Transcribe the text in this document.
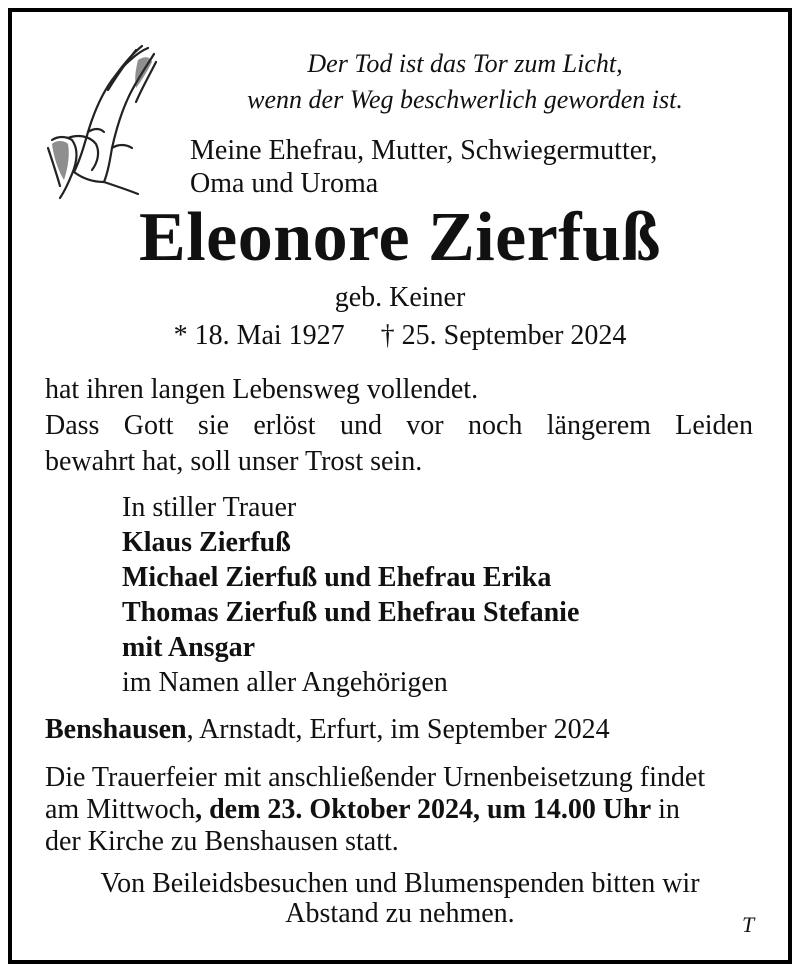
Der Tod ist das Tor zum Licht,
wenn der Weg beschwerlich geworden ist.
Meine Ehefrau, Mutter, Schwiegermutter,
Oma und Uroma
Eleonore Zierfuß
geb. Keiner
* 18. Mai 1927 † 25. September 2024
hat ihren langen Lebensweg vollendet.
Dass Gott sie erlöst und vor noch längerem Leiden
bewahrt hat, soll unser Trost sein.
In stiller Trauer
Klaus Zierfuß
Michael Zierfuß und Ehefrau Erika
Thomas Zierfuß und Ehefrau Stefanie
mit Ansgar
im Namen aller Angehörigen
Benshausen, Arnstadt, Erfurt, im September 2024
Die Trauerfeier mit anschließender Urnenbeisetzung findet
am Mittwoch, dem 23. Oktober 2024, um 14.00 Uhr in
der Kirche zu Benshausen statt.
Von Beileidsbesuchen und Blumenspenden bitten wir
Abstand zu nehmen.	T
